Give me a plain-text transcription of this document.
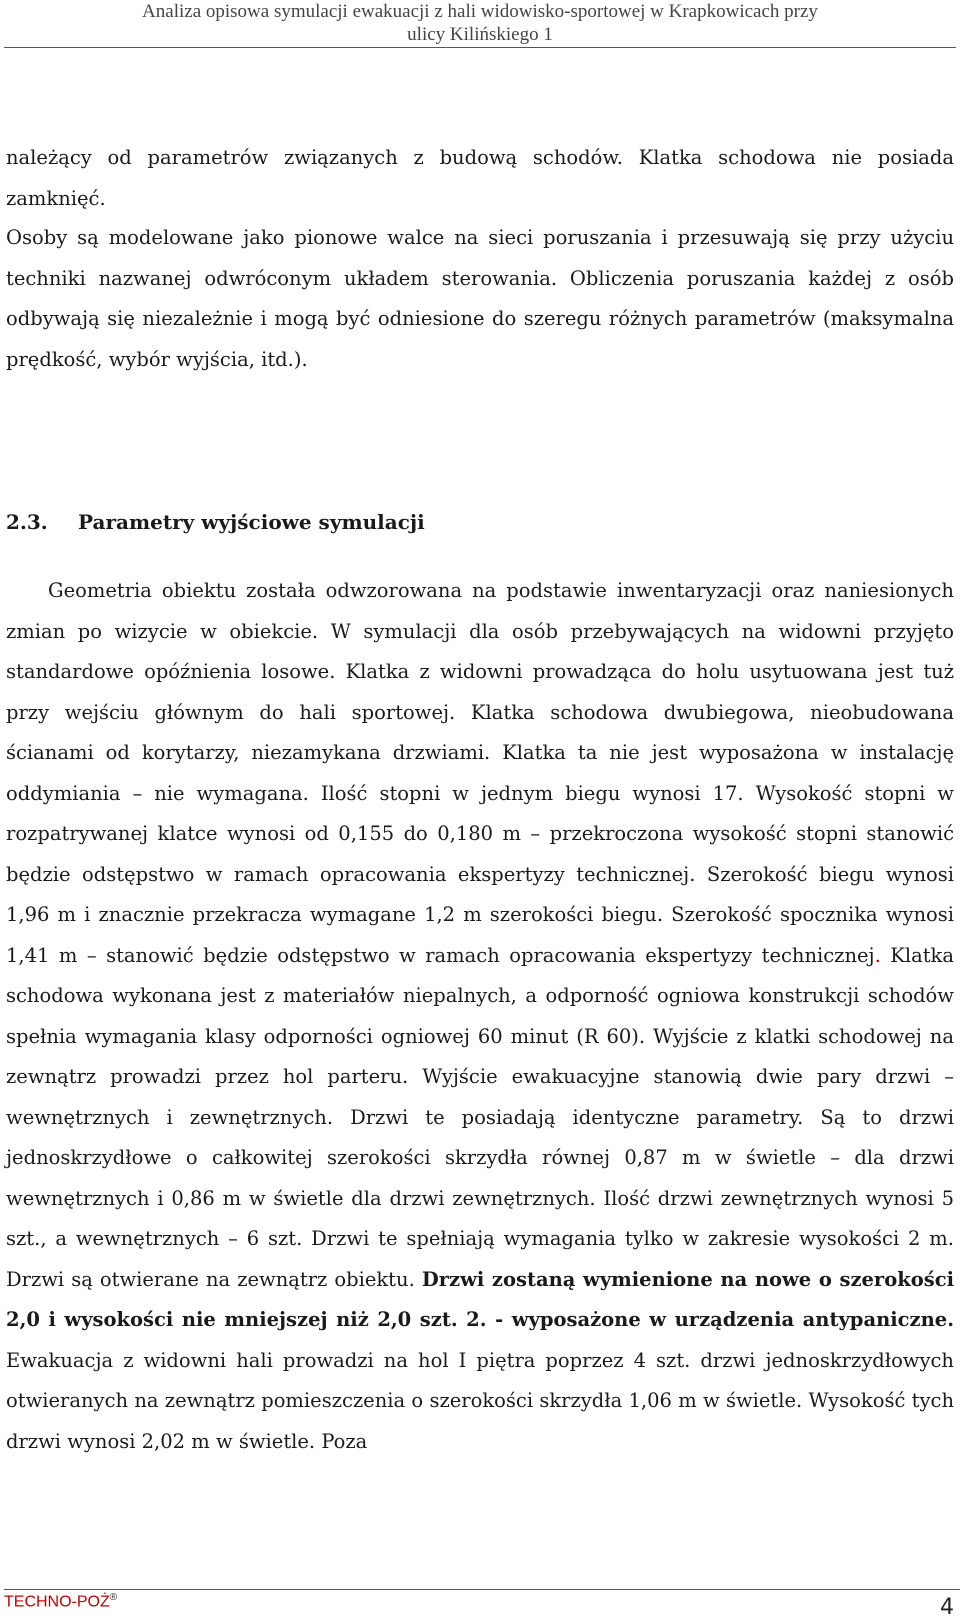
Analiza opisowa symulacji ewakuacji z hali widowisko-sportowej w Krapkowicach przy
ulicy Kilińskiego 1

należący od parametrów związanych z budową schodów. Klatka schodowa nie posiada zamknięć.

Osoby są modelowane jako pionowe walce na sieci poruszania i przesuwają się przy użyciu techniki nazwanej odwróconym układem sterowania. Obliczenia poruszania każdej z osób odbywają się niezależnie i mogą być odniesione do szeregu różnych parametrów (maksymalna prędkość, wybór wyjścia, itd.).

2.3. Parametry wyjściowe symulacji

Geometria obiektu została odwzorowana na podstawie inwentaryzacji oraz naniesionych zmian po wizycie w obiekcie. W symulacji dla osób przebywających na widowni przyjęto standardowe opóźnienia losowe. Klatka z widowni prowadząca do holu usytuowana jest tuż przy wejściu głównym do hali sportowej. Klatka schodowa dwubiegowa, nieobudowana ścianami od korytarzy, niezamykana drzwiami. Klatka ta nie jest wyposażona w instalację oddymiania – nie wymagana. Ilość stopni w jednym biegu wynosi 17. Wysokość stopni w rozpatrywanej klatce wynosi od 0,155 do 0,180 m – przekroczona wysokość stopni stanowić będzie odstępstwo w ramach opracowania ekspertyzy technicznej. Szerokość biegu wynosi 1,96 m i znacznie przekracza wymagane 1,2 m szerokości biegu. Szerokość spocznika wynosi 1,41 m – stanowić będzie odstępstwo w ramach opracowania ekspertyzy technicznej. Klatka schodowa wykonana jest z materiałów niepalnych, a odporność ogniowa konstrukcji schodów spełnia wymagania klasy odporności ogniowej 60 minut (R 60). Wyjście z klatki schodowej na zewnątrz prowadzi przez hol parteru. Wyjście ewakuacyjne stanowią dwie pary drzwi – wewnętrznych i zewnętrznych. Drzwi te posiadają identyczne parametry. Są to drzwi jednoskrzydłowe o całkowitej szerokości skrzydła równej 0,87 m w świetle – dla drzwi wewnętrznych i 0,86 m w świetle dla drzwi zewnętrznych. Ilość drzwi zewnętrznych wynosi 5 szt., a wewnętrznych – 6 szt. Drzwi te spełniają wymagania tylko w zakresie wysokości 2 m. Drzwi są otwierane na zewnątrz obiektu. Drzwi zostaną wymienione na nowe o szerokości 2,0 i wysokości nie mniejszej niż 2,0 szt. 2. - wyposażone w urządzenia antypaniczne. Ewakuacja z widowni hali prowadzi na hol I piętra poprzez 4 szt. drzwi jednoskrzydłowych otwieranych na zewnątrz pomieszczenia o szerokości skrzydła 1,06 m w świetle. Wysokość tych drzwi wynosi 2,02 m w świetle. Poza

TECHNO-POŻ®	4
